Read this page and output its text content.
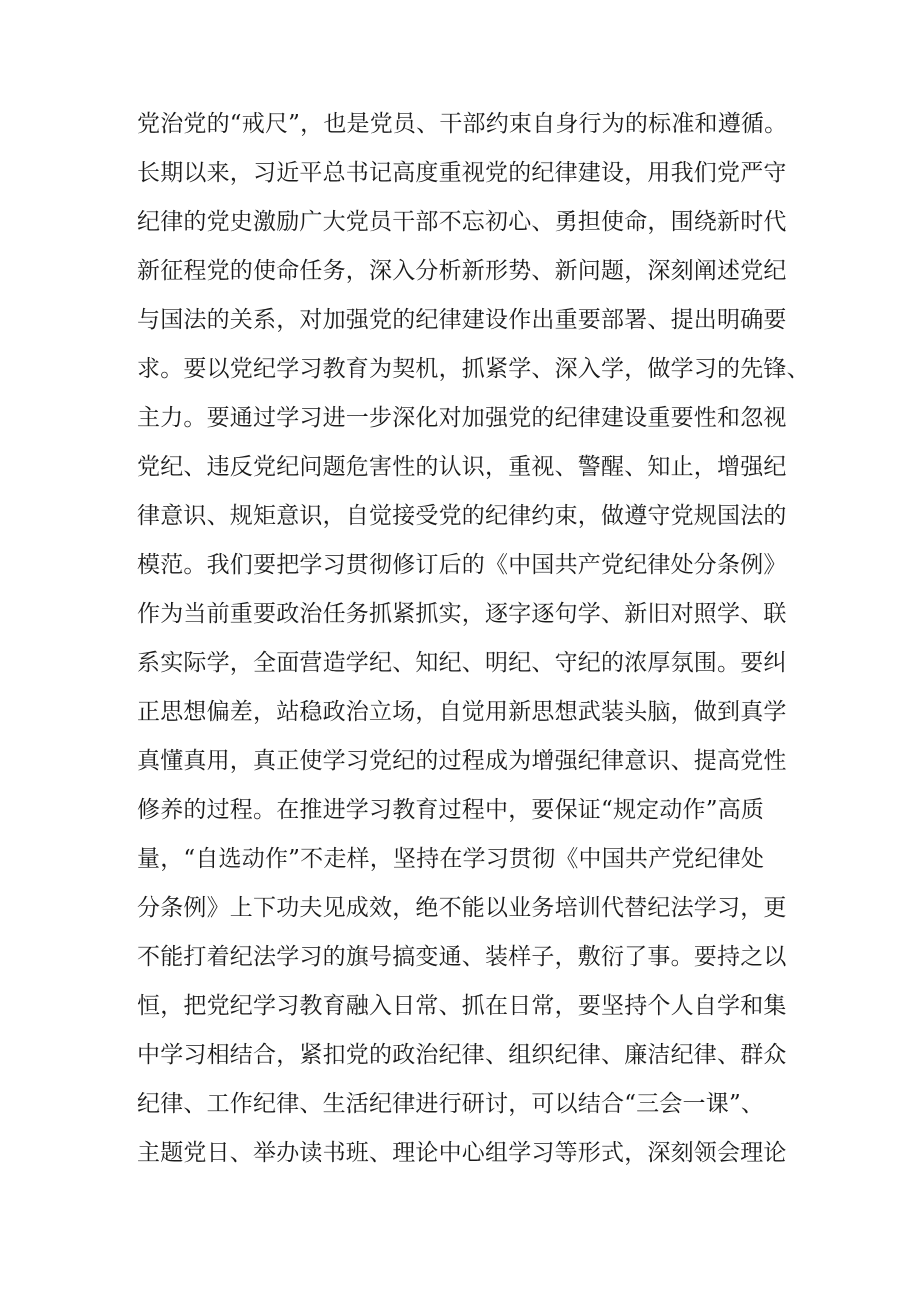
党治党的“戒尺”，也是党员、干部约束自身行为的标准和遵循。
长期以来，习近平总书记高度重视党的纪律建设，用我们党严守
纪律的党史激励广大党员干部不忘初心、勇担使命，围绕新时代
新征程党的使命任务，深入分析新形势、新问题，深刻阐述党纪
与国法的关系，对加强党的纪律建设作出重要部署、提出明确要
求。要以党纪学习教育为契机，抓紧学、深入学，做学习的先锋、
主力。要通过学习进一步深化对加强党的纪律建设重要性和忽视
党纪、违反党纪问题危害性的认识，重视、警醒、知止，增强纪
律意识、规矩意识，自觉接受党的纪律约束，做遵守党规国法的
模范。我们要把学习贯彻修订后的《中国共产党纪律处分条例》
作为当前重要政治任务抓紧抓实，逐字逐句学、新旧对照学、联
系实际学，全面营造学纪、知纪、明纪、守纪的浓厚氛围。要纠
正思想偏差，站稳政治立场，自觉用新思想武装头脑，做到真学
真懂真用，真正使学习党纪的过程成为增强纪律意识、提高党性
修养的过程。在推进学习教育过程中，要保证“规定动作”高质
量，“自选动作”不走样，坚持在学习贯彻《中国共产党纪律处
分条例》上下功夫见成效，绝不能以业务培训代替纪法学习，更
不能打着纪法学习的旗号搞变通、装样子，敷衍了事。要持之以
恒，把党纪学习教育融入日常、抓在日常，要坚持个人自学和集
中学习相结合，紧扣党的政治纪律、组织纪律、廉洁纪律、群众
纪律、工作纪律、生活纪律进行研讨，可以结合“三会一课”、
主题党日、举办读书班、理论中心组学习等形式，深刻领会理论
